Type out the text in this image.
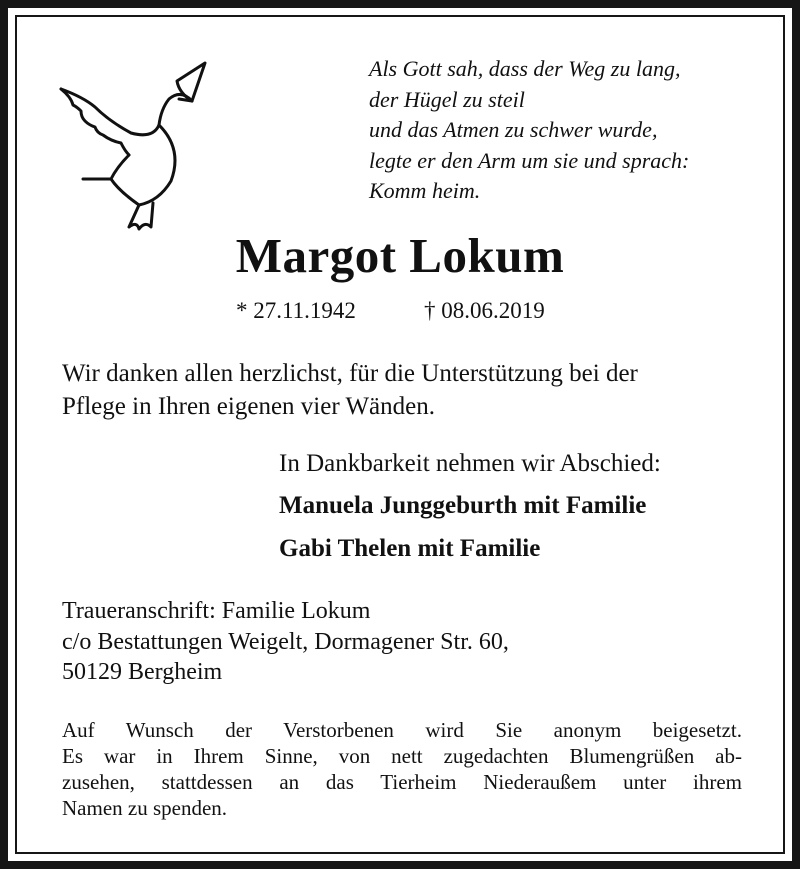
Als Gott sah, dass der Weg zu lang,
der Hügel zu steil
und das Atmen zu schwer wurde,
legte er den Arm um sie und sprach:
Komm heim.
Margot Lokum
* 27.11.1942	† 08.06.2019
Wir danken allen herzlichst, für die Unterstützung bei der
Pflege in Ihren eigenen vier Wänden.
In Dankbarkeit nehmen wir Abschied:
Manuela Junggeburth mit Familie
Gabi Thelen mit Familie
Traueranschrift: Familie Lokum
c/o Bestattungen Weigelt, Dormagener Str. 60,
50129 Bergheim
Auf Wunsch der Verstorbenen wird Sie anonym beigesetzt.
Es war in Ihrem Sinne, von nett zugedachten Blumengrüßen ab-
zusehen, stattdessen an das Tierheim Niederaußem unter ihrem
Namen zu spenden.
